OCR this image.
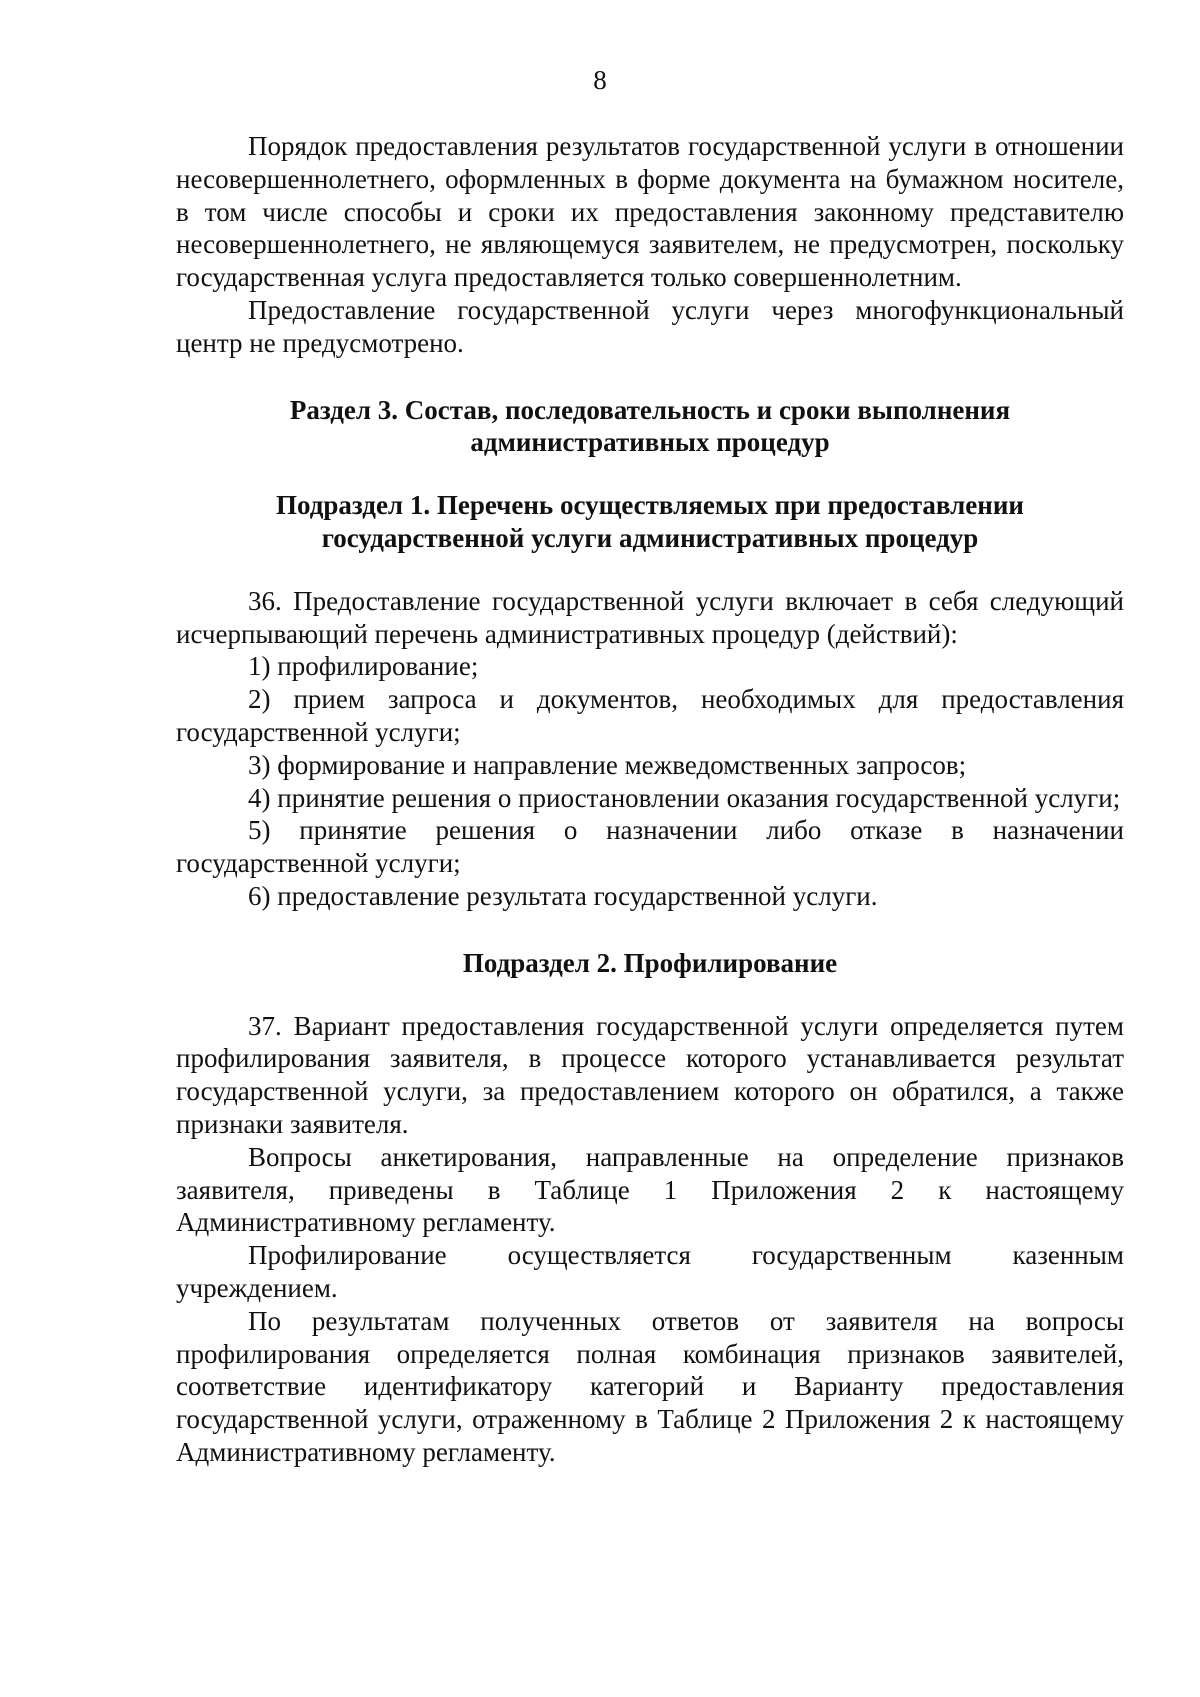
8

Порядок предоставления результатов государственной услуги в отношении несовершеннолетнего, оформленных в форме документа на бумажном носителе, в том числе способы и сроки их предоставления законному представителю несовершеннолетнего, не являющемуся заявителем, не предусмотрен, поскольку государственная услуга предоставляется только совершеннолетним.

Предоставление государственной услуги через многофункциональный центр не предусмотрено.

Раздел 3. Состав, последовательность и сроки выполнения

административных процедур

Подраздел 1. Перечень осуществляемых при предоставлении

государственной услуги административных процедур

36. Предоставление государственной услуги включает в себя следующий исчерпывающий перечень административных процедур (действий):

1) профилирование;

2) прием запроса и документов, необходимых для предоставления государственной услуги;

3) формирование и направление межведомственных запросов;

4) принятие решения о приостановлении оказания государственной услуги;

5) принятие решения о назначении либо отказе в назначении государственной услуги;

6) предоставление результата государственной услуги.

Подраздел 2. Профилирование

37. Вариант предоставления государственной услуги определяется путем профилирования заявителя, в процессе которого устанавливается результат государственной услуги, за предоставлением которого он обратился, а также признаки заявителя.

Вопросы анкетирования, направленные на определение признаков заявителя, приведены в Таблице 1 Приложения 2 к настоящему Административному регламенту.

Профилирование осуществляется государственным казенным учреждением.

По результатам полученных ответов от заявителя на вопросы профилирования определяется полная комбинация признаков заявителей, соответствие идентификатору категорий и Варианту предоставления государственной услуги, отраженному в Таблице 2 Приложения 2 к настоящему Административному регламенту.
